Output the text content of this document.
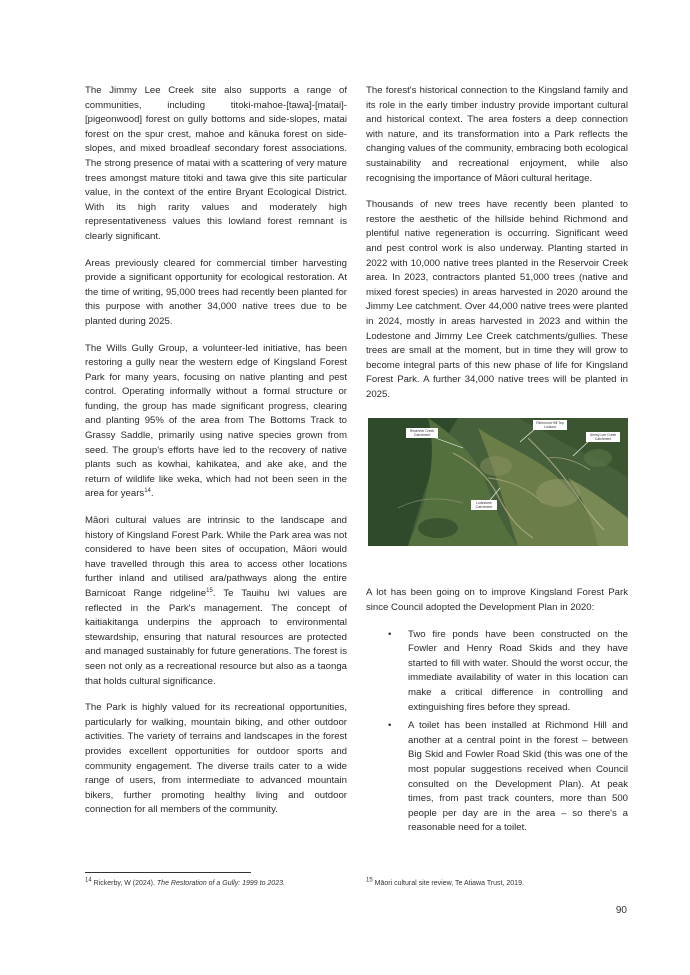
The Jimmy Lee Creek site also supports a range of communities, including titoki-mahoe-[tawa]-[matai]-[pigeonwood] forest on gully bottoms and side-slopes, matai forest on the spur crest, mahoe and kānuka forest on side-slopes, and mixed broadleaf secondary forest associations. The strong presence of matai with a scattering of very mature trees amongst mature titoki and tawa give this site particular value, in the context of the entire Bryant Ecological District. With its high rarity values and moderately high representativeness values this lowland forest remnant is clearly significant.

Areas previously cleared for commercial timber harvesting provide a significant opportunity for ecological restoration. At the time of writing, 95,000 trees had recently been planted for this purpose with another 34,000 native trees due to be planted during 2025.

The Wills Gully Group, a volunteer-led initiative, has been restoring a gully near the western edge of Kingsland Forest Park for many years, focusing on native planting and pest control. Operating informally without a formal structure or funding, the group has made significant progress, clearing and planting 95% of the area from The Bottoms Track to Grassy Saddle, primarily using native species grown from seed. The group's efforts have led to the recovery of native plants such as kowhai, kahikatea, and ake ake, and the return of wildlife like weka, which had not been seen in the area for years$^{14}$.

Māori cultural values are intrinsic to the landscape and history of Kingsland Forest Park. While the Park area was not considered to have been sites of occupation, Māori would have travelled through this area to access other locations further inland and utilised ara/pathways along the entire Barnicoat Range ridgeline$^{15}$. Te Tauihu Iwi values are reflected in the Park's management. The concept of kaitiakitanga underpins the approach to environmental stewardship, ensuring that natural resources are protected and managed sustainably for future generations. The forest is seen not only as a recreational resource but also as a taonga that holds cultural significance.

The Park is highly valued for its recreational opportunities, particularly for walking, mountain biking, and other outdoor activities. The variety of terrains and landscapes in the forest provides excellent opportunities for outdoor sports and community engagement. The diverse trails cater to a wide range of users, from intermediate to advanced mountain bikers, further promoting healthy living and outdoor connection for all members of the community.

The forest's historical connection to the Kingsland family and its role in the early timber industry provide important cultural and historical context. The area fosters a deep connection with nature, and its transformation into a Park reflects the changing values of the community, embracing both ecological sustainability and recreational enjoyment, while also recognising the importance of Māori cultural heritage.

Thousands of new trees have recently been planted to restore the aesthetic of the hillside behind Richmond and plentiful native regeneration is occurring. Significant weed and pest control work is also underway. Planting started in 2022 with 10,000 native trees planted in the Reservoir Creek area. In 2023, contractors planted 51,000 trees (native and mixed forest species) in areas harvested in 2020 around the Jimmy Lee catchment. Over 44,000 native trees were planted in 2024, mostly in areas harvested in 2023 and within the Lodestone and Jimmy Lee Creek catchments/gullies. These trees are small at the moment, but in time they will grow to become integral parts of this new phase of life for Kingsland Forest Park. A further 34,000 native trees will be planted in 2025.

Reservoir Creek Catchment
Richmond Hill Top Lookout
Jimmy Lee Creek Catchment
Lodestone Catchment

A lot has been going on to improve Kingsland Forest Park since Council adopted the Development Plan in 2020:

• Two fire ponds have been constructed on the Fowler and Henry Road Skids and they have started to fill with water. Should the worst occur, the immediate availability of water in this location can make a critical difference in controlling and extinguishing fires before they spread.
• A toilet has been installed at Richmond Hill and another at a central point in the forest – between Big Skid and Fowler Road Skid (this was one of the most popular suggestions received when Council consulted on the Development Plan). At peak times, from past track counters, more than 500 people per day are in the area – so there's a reasonable need for a toilet.
$^{14}$ Rickerby, W (2024). The Restoration of a Gully: 1999 to 2023.	$^{15}$ Māori cultural site review, Te Atiawa Trust, 2019.
90
